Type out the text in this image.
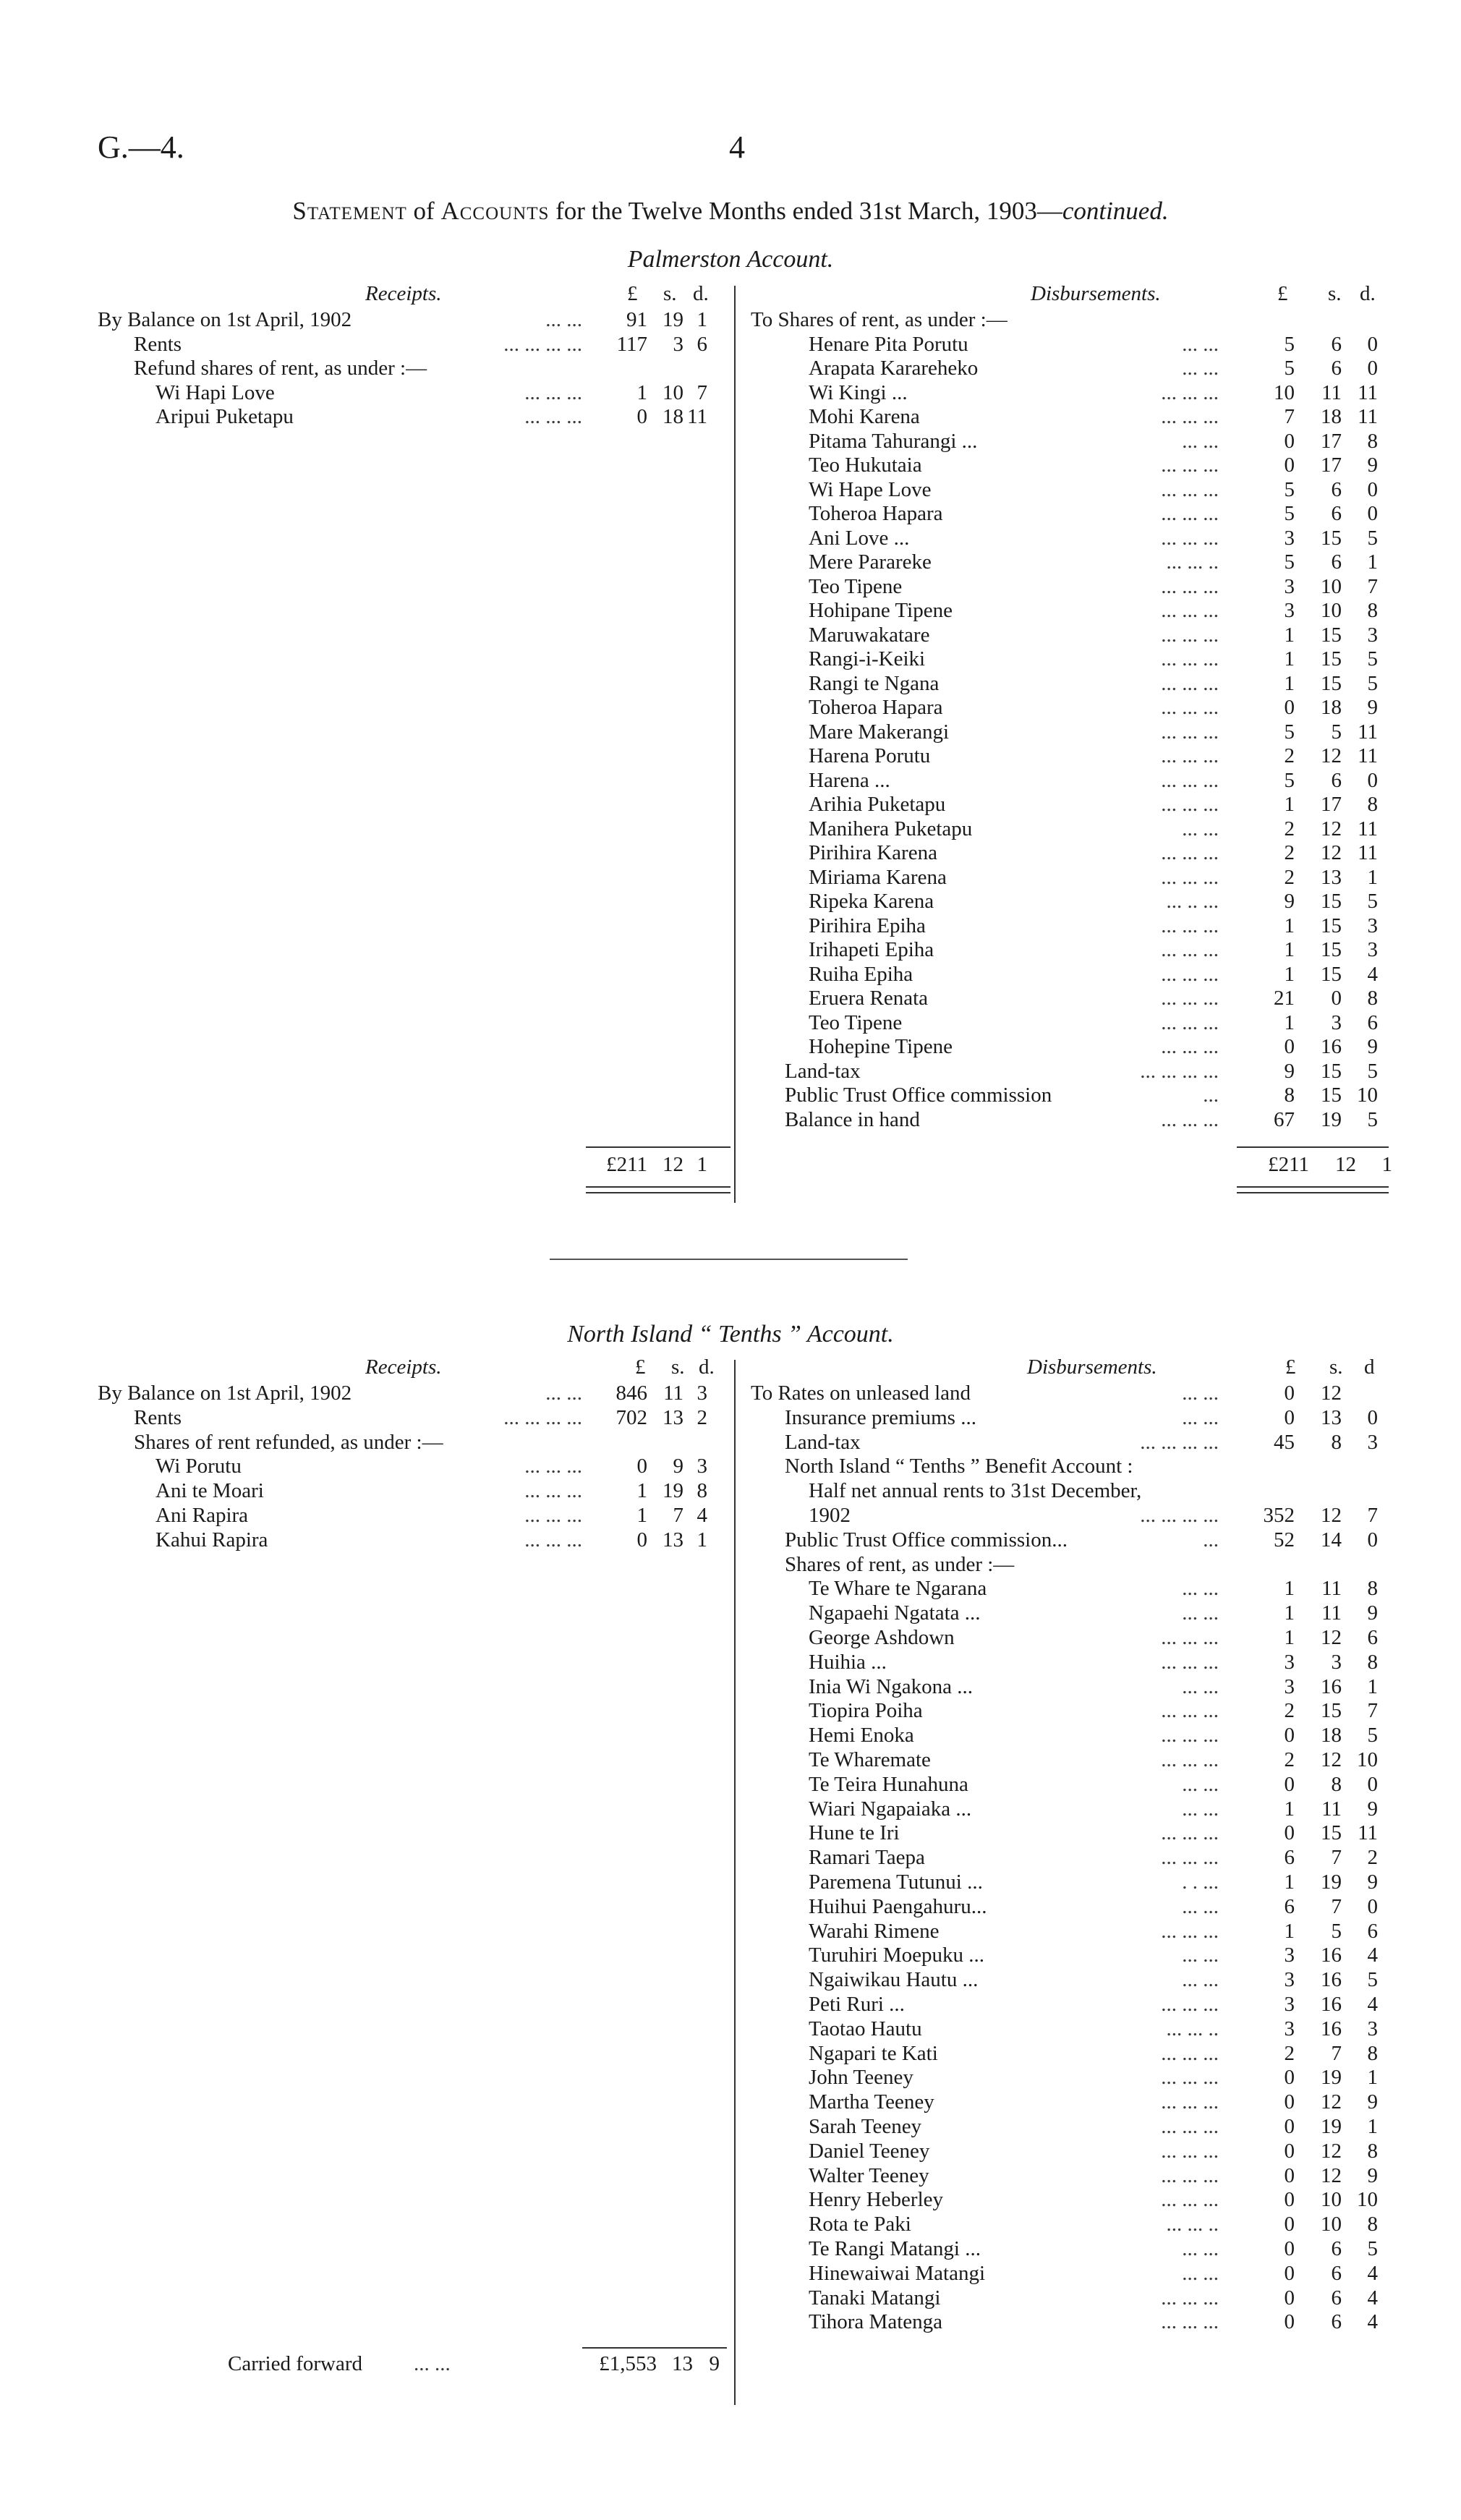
G.—4.	4
Statement of Accounts for the Twelve Months ended 31st March, 1903—continued.
Palmerston Account.
Receipts.	£ s. d.	Disbursements.	£ s. d.
By Balance on 1st April, 1902	... ... 91 19 1
Rents	... ... ... ... 117 3 6
Refund shares of rent, as under :—
Wi Hapi Love	... ... ...	1 10 7
Aripui Puketapu	... ... ...	0 18 11
To Shares of rent, as under :—
Henare Pita Porutu	... ...	5 6 0
Arapata Karareheko	... ...	5 6 0
Wi Kingi ...	... ... ...	10 11 11
Mohi Karena	... ... ...	7 18 11
Pitama Tahurangi ...	... ...	0 17 8
Teo Hukutaia	... ... ...	0 17 9
Wi Hape Love	... ... ...	5 6 0
Toheroa Hapara	... ... ...	5 6 0
Ani Love ...	... ... ...	3 15 5
Mere Parareke	... ... ..	5 6 1
Teo Tipene	... ... ...	3 10 7
Hohipane Tipene	... ... ...	3 10 8
Maruwakatare	... ... ...	1 15 3
Rangi-i-Keiki	... ... ...	1 15 5
Rangi te Ngana	... ... ...	1 15 5
Toheroa Hapara	... ... ...	0 18 9
Mare Makerangi	... ... ...	5 5 11
Harena Porutu	... ... ...	2 12 11
Harena ...	... ... ...	5 6 0
Arihia Puketapu	... ... ...	1 17 8
Manihera Puketapu	... ...	2 12 11
Pirihira Karena	... ... ...	2 12 11
Miriama Karena	... ... ...	2 13 1
Ripeka Karena	... .. ...	9 15 5
Pirihira Epiha	... ... ...	1 15 3
Irihapeti Epiha	... ... ...	1 15 3
Ruiha Epiha	... ... ...	1 15 4
Eruera Renata	... ... ...	21 0 8
Teo Tipene	... ... ...	1 3 6
Hohepine Tipene	... ... ...	0 16 9
Land-tax	... ... ... ...	9 15 5
Public Trust Office commission	...	8 15 10
Balance in hand	... ... ...	67 19 5
£211 12 1	£211 12 1
North Island “ Tenths ” Account.
Receipts.	£ s. d.	Disbursements.	£ s. d
By Balance on 1st April, 1902	... ... 846 11 3
Rents	... ... ... ... 702 13 2
Shares of rent refunded, as under :—
Wi Porutu	... ... ...	0 9 3
Ani te Moari	... ... ...	1 19 8
Ani Rapira	... ... ...	1 7 4
Kahui Rapira	... ... ...	0 13 1
To Rates on unleased land	... ...	0 12
Insurance premiums ...	... ...	0 13 0
Land-tax	... ... ... ...	45 8 3
North Island “ Tenths ” Benefit Account :
Half net annual rents to 31st December,
1902	... ... ... ... 352 12 7
Public Trust Office commission...	...	52 14 0
Shares of rent, as under :—
Te Whare te Ngarana	... ...	1 11 8
Ngapaehi Ngatata ...	... ...	1 11 9
George Ashdown	... ... ...	1 12 6
Huihia ...	... ... ...	3 3 8
Inia Wi Ngakona ...	... ...	3 16 1
Tiopira Poiha	... ... ...	2 15 7
Hemi Enoka	... ... ...	0 18 5
Te Wharemate	... ... ...	2 12 10
Te Teira Hunahuna	... ...	0 8 0
Wiari Ngapaiaka ...	... ...	1 11 9
Hune te Iri	... ... ...	0 15 11
Ramari Taepa	... ... ...	6 7 2
Paremena Tutunui ...	. . ...	1 19 9
Huihui Paengahuru...	... ...	6 7 0
Warahi Rimene	... ... ...	1 5 6
Turuhiri Moepuku ...	... ...	3 16 4
Ngaiwikau Hautu ...	... ...	3 16 5
Peti Ruri ...	... ... ...	3 16 4
Taotao Hautu	... ... ..	3 16 3
Ngapari te Kati	... ... ...	2 7 8
John Teeney	... ... ...	0 19 1
Martha Teeney	... ... ...	0 12 9
Sarah Teeney	... ... ...	0 19 1
Daniel Teeney	... ... ...	0 12 8
Walter Teeney	... ... ...	0 12 9
Henry Heberley	... ... ...	0 10 10
Rota te Paki	... ... ..	0 10 8
Te Rangi Matangi ...	... ...	0 6 5
Hinewaiwai Matangi	... ...	0 6 4
Tanaki Matangi	... ... ...	0 6 4
Tihora Matenga	... ... ...	0 6 4
Carried forward ... ...	£1,553 13 9
